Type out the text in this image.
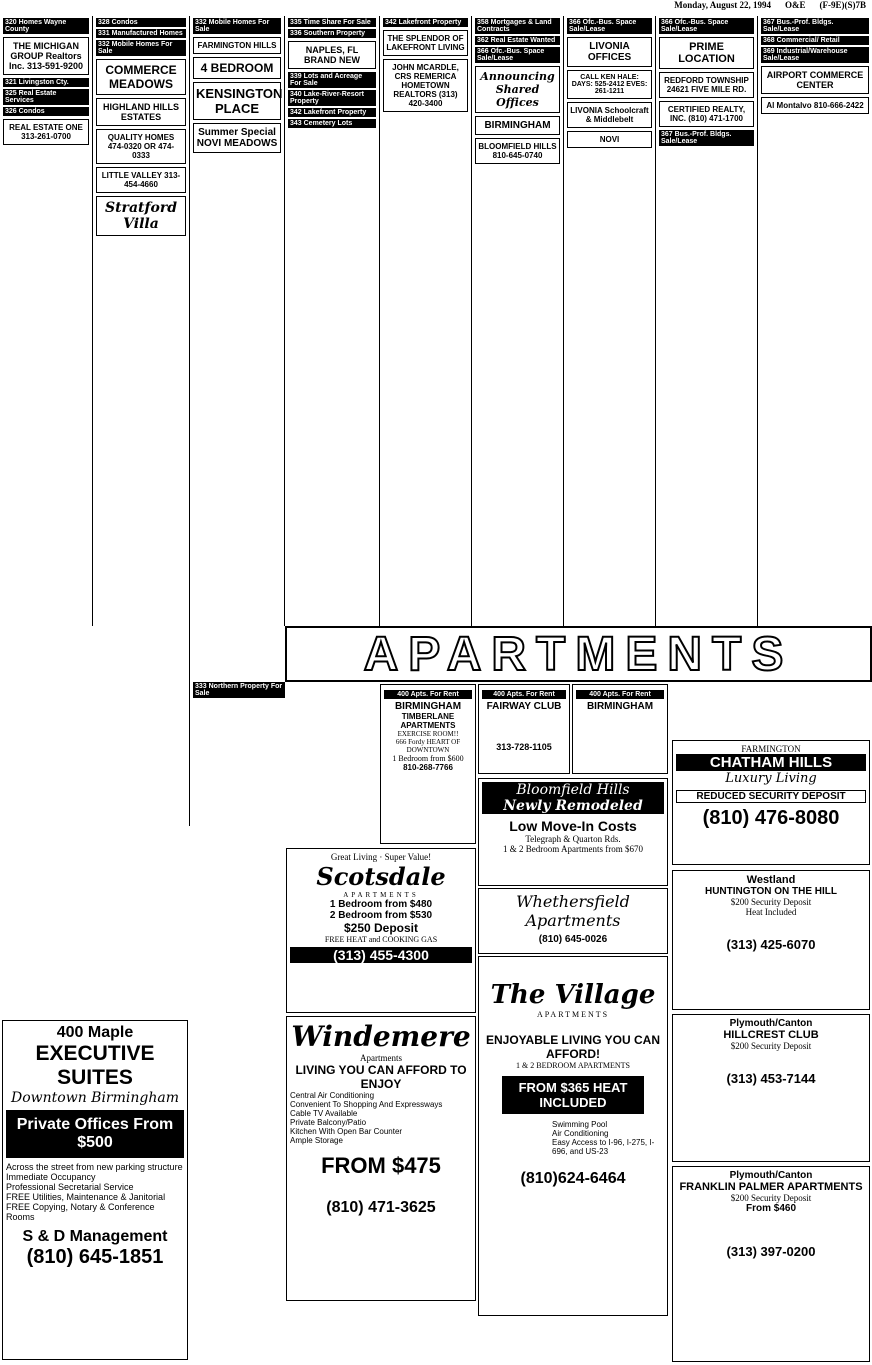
Monday, August 22, 1994 O&E (F-9E)(S)7B
320 Homes Wayne County
THE MICHIGAN GROUP Realtors Inc. 313-591-9200
321 Livingston Cty.
325 Real Estate Services
326 Condos
REAL ESTATE ONE 313-261-0700
328 Condos
331 Manufactured Homes
332 Mobile Homes For Sale
COMMERCE MEADOWS
HIGHLAND HILLS ESTATES
QUALITY HOMES 474-0320 OR 474-0333
LITTLE VALLEY 313-454-4660
Stratford Villa
332 Mobile Homes For Sale
FARMINGTON HILLS
4 BEDROOM
KENSINGTON PLACE
Summer Special NOVI MEADOWS
333 Northern Property For Sale
335 Time Share For Sale
336 Southern Property
NAPLES, FL BRAND NEW
339 Lots and Acreage For Sale
340 Lake-River-Resort Property
342 Lakefront Property
343 Cemetery Lots
342 Lakefront Property
THE SPLENDOR OF LAKEFRONT LIVING
JOHN MCARDLE, CRS REMERICA HOMETOWN REALTORS (313) 420-3400
358 Mortgages & Land Contracts
362 Real Estate Wanted
366 Ofc.-Bus. Space Sale/Lease
Announcing Shared Offices
BIRMINGHAM
BLOOMFIELD HILLS 810-645-0740
366 Ofc.-Bus. Space Sale/Lease
LIVONIA OFFICES
CALL KEN HALE: DAYS: 525-2412 EVES: 261-1211
LIVONIA Schoolcraft & Middlebelt
NOVI
366 Ofc.-Bus. Space Sale/Lease
PRIME LOCATION
REDFORD TOWNSHIP 24621 FIVE MILE RD.
CERTIFIED REALTY, INC. (810) 471-1700
367 Bus.-Prof. Bldgs. Sale/Lease
367 Bus.-Prof. Bldgs. Sale/Lease
368 Commercial/ Retail
369 Industrial/Warehouse Sale/Lease
AIRPORT COMMERCE CENTER
Al Montalvo 810-666-2422
APARTMENTS
400 Maple
EXECUTIVE SUITES
Downtown Birmingham
Private Offices From $500
Across the street from new parking structure
Immediate Occupancy
Professional Secretarial Service
FREE Utilities, Maintenance & Janitorial
FREE Copying, Notary & Conference Rooms
S & D Management
(810) 645-1851
Great Living · Super Value!
Scotsdale
APARTMENTS
1 Bedroom from $480
2 Bedroom from $530
$250 Deposit
FREE HEAT and COOKING GAS
(313) 455-4300
Windemere
Apartments
LIVING YOU CAN AFFORD TO ENJOY
Central Air Conditioning
Convenient To Shopping And Expressways
Cable TV Available
Private Balcony/Patio
Kitchen With Open Bar Counter
Ample Storage
FROM $475
(810) 471-3625
400 Apts. For Rent
BIRMINGHAM
TIMBERLANE APARTMENTS
EXERCISE ROOM!!
666 Fordy HEART OF DOWNTOWN
1 Bedroom from $600
810-268-7766
400 Apts. For Rent
FAIRWAY CLUB
313-728-1105
400 Apts. For Rent
BIRMINGHAM
Bloomfield Hills
Newly Remodeled
Low Move-In Costs
Telegraph & Quarton Rds.
1 & 2 Bedroom Apartments from $670
Whethersfield Apartments
(810) 645-0026
The Village
APARTMENTS
ENJOYABLE LIVING YOU CAN AFFORD!
1 & 2 BEDROOM APARTMENTS
FROM $365 HEAT INCLUDED
Swimming Pool
Air Conditioning
Easy Access to I-96, I-275, I-696, and US-23
(810)624-6464
FARMINGTON
CHATHAM HILLS
Luxury Living
REDUCED SECURITY DEPOSIT
(810) 476-8080
Westland
HUNTINGTON ON THE HILL
$200 Security Deposit
Heat Included
(313) 425-6070
Plymouth/Canton
HILLCREST CLUB
$200 Security Deposit
(313) 453-7144
Plymouth/Canton
FRANKLIN PALMER APARTMENTS
$200 Security Deposit
From $460
(313) 397-0200
